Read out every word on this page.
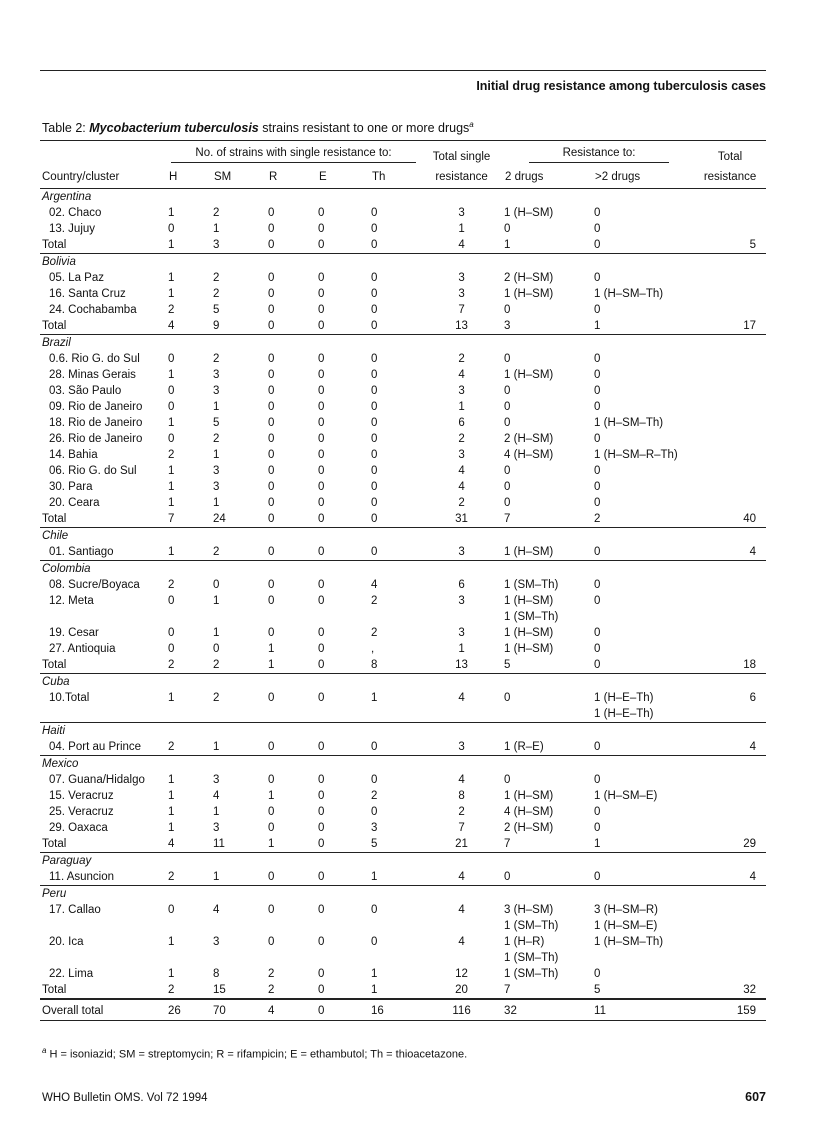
Initial drug resistance among tuberculosis cases
Table 2: Mycobacterium tuberculosis strains resistant to one or more drugs$^a$
	No. of strains with single resistance to:					Total single	Resistance to:		Total
Country/cluster	H	SM	R	E	Th	resistance	2 drugs	>2 drugs	resistance
Argentina									
02. Chaco	1	2	0	0	0	3	1 (H–SM)	0	
13. Jujuy	0	1	0	0	0	1	0	0	
Total	1	3	0	0	0	4	1	0	5
Bolivia									
05. La Paz	1	2	0	0	0	3	2 (H–SM)	0	
16. Santa Cruz	1	2	0	0	0	3	1 (H–SM)	1 (H–SM–Th)	
24. Cochabamba	2	5	0	0	0	7	0	0	
Total	4	9	0	0	0	13	3	1	17
Brazil									
0.6. Rio G. do Sul	0	2	0	0	0	2	0	0	
28. Minas Gerais	1	3	0	0	0	4	1 (H–SM)	0	
03. São Paulo	0	3	0	0	0	3	0	0	
09. Rio de Janeiro	0	1	0	0	0	1	0	0	
18. Rio de Janeiro	1	5	0	0	0	6	0	1 (H–SM–Th)	
26. Rio de Janeiro	0	2	0	0	0	2	2 (H–SM)	0	
14. Bahia	2	1	0	0	0	3	4 (H–SM)	1 (H–SM–R–Th)	
06. Rio G. do Sul	1	3	0	0	0	4	0	0	
30. Para	1	3	0	0	0	4	0	0	
20. Ceara	1	1	0	0	0	2	0	0	
Total	7	24	0	0	0	31	7	2	40
Chile									
01. Santiago	1	2	0	0	0	3	1 (H–SM)	0	4
Colombia									
08. Sucre/Boyaca	2	0	0	0	4	6	1 (SM–Th)	0	
12. Meta	0	1	0	0	2	3	1 (H–SM)	0	
							1 (SM–Th)		
19. Cesar	0	1	0	0	2	3	1 (H–SM)	0	
27. Antioquia	0	0	1	0	,	1	1 (H–SM)	0	
Total	2	2	1	0	8	13	5	0	18
Cuba									
10.Total	1	2	0	0	1	4	0	1 (H–E–Th)	6
								1 (H–E–Th)	
Haiti									
04. Port au Prince	2	1	0	0	0	3	1 (R–E)	0	4
Mexico									
07. Guana/Hidalgo	1	3	0	0	0	4	0	0	
15. Veracruz	1	4	1	0	2	8	1 (H–SM)	1 (H–SM–E)	
25. Veracruz	1	1	0	0	0	2	4 (H–SM)	0	
29. Oaxaca	1	3	0	0	3	7	2 (H–SM)	0	
Total	4	11	1	0	5	21	7	1	29
Paraguay									
11. Asuncion	2	1	0	0	1	4	0	0	4
Peru									
17. Callao	0	4	0	0	0	4	3 (H–SM)	3 (H–SM–R)	
							1 (SM–Th)	1 (H–SM–E)	
20. Ica	1	3	0	0	0	4	1 (H–R)	1 (H–SM–Th)	
							1 (SM–Th)		
22. Lima	1	8	2	0	1	12	1 (SM–Th)	0	
Total	2	15	2	0	1	20	7	5	32
Overall total	26	70	4	0	16	116	32	11	159
$^a$ H = isoniazid; SM = streptomycin; R = rifampicin; E = ethambutol; Th = thioacetazone.
WHO Bulletin OMS. Vol 72 1994	607
